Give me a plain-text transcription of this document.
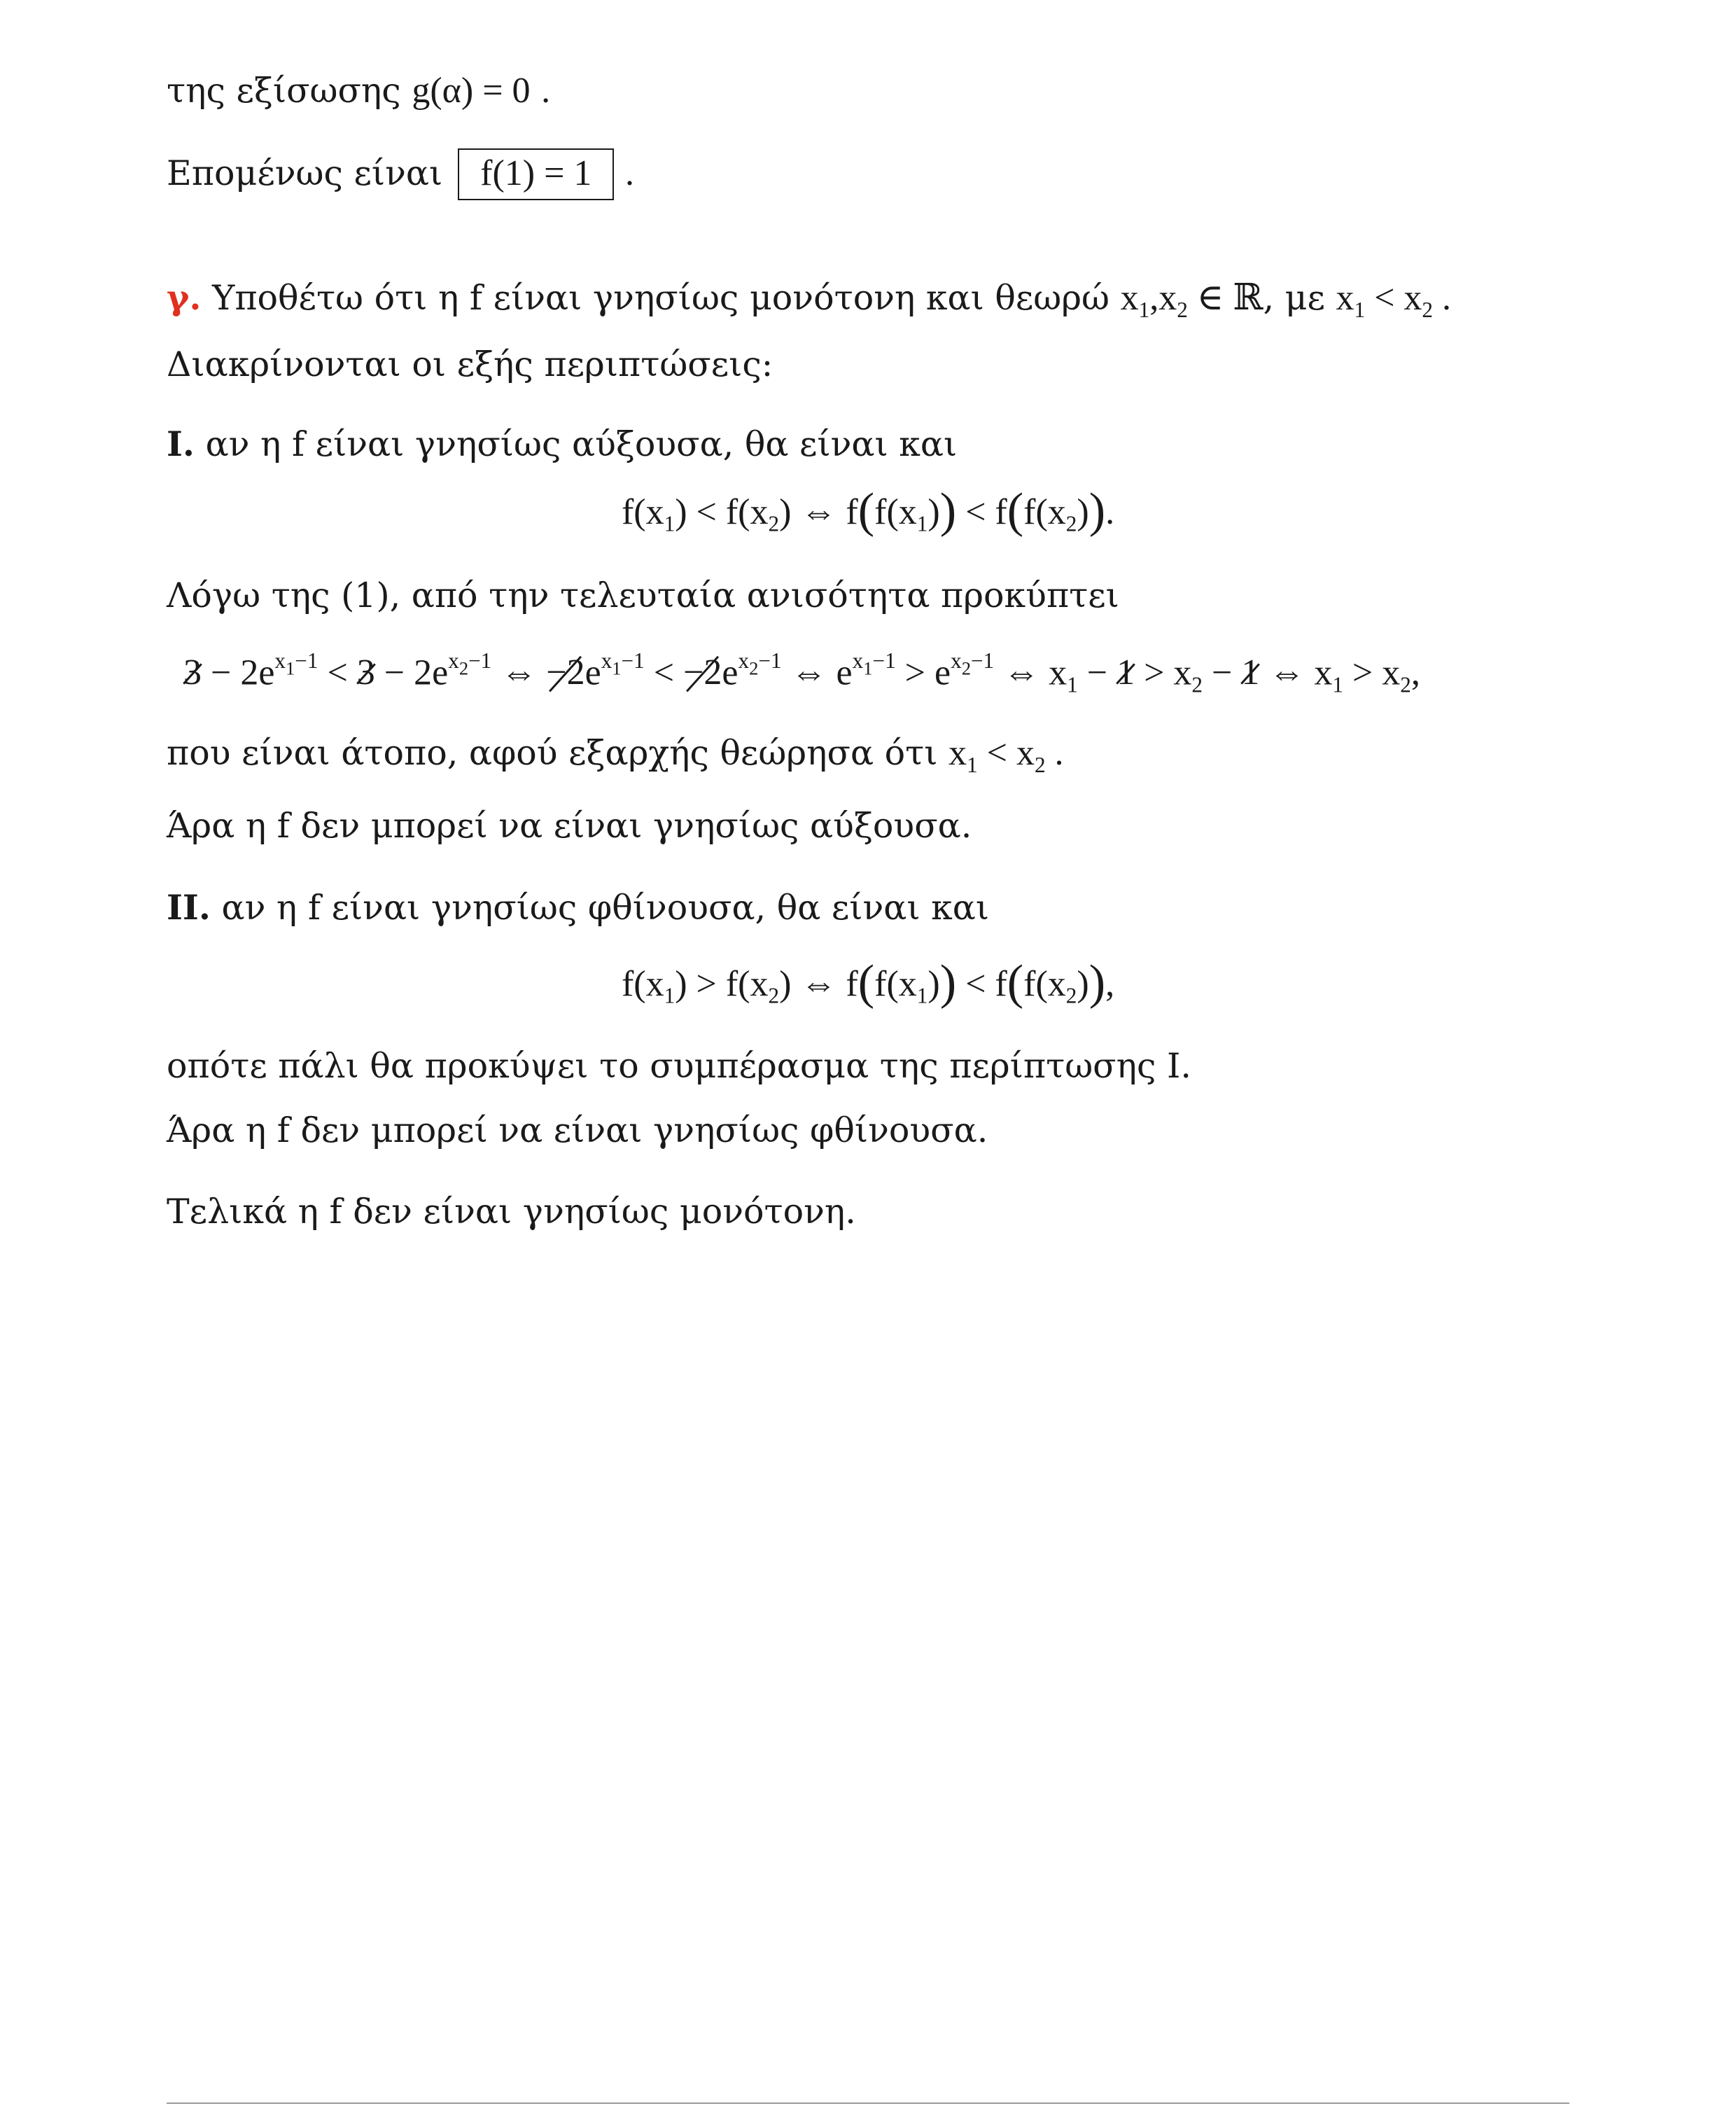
της εξίσωσης g(α) = 0 .
Επομένως είναι f(1) = 1 .
γ. Υποθέτω ότι η f είναι γνησίως μονότονη και θεωρώ $x_1,x_2$ ∈ ℝ, με $x_1 < x_2$ .
Διακρίνονται οι εξής περιπτώσεις:
I. αν η f είναι γνησίως αύξουσα, θα είναι και
$f(x_1) < f(x_2)$ ⇔ $f(f(x_1)) < f(f(x_2))$.
Λόγω της (1), από την τελευταία ανισότητα προκύπτει
$3 - 2e^{x_1-1} < 3 - 2e^{x_2-1}$ ⇔ $-2e^{x_1-1} < -2e^{x_2-1}$ ⇔ $e^{x_1-1} > e^{x_2-1}$ ⇔ $x_1 - 1 > x_2 - 1$ ⇔ $x_1 > x_2$,
που είναι άτοπο, αφού εξαρχής θεώρησα ότι $x_1 < x_2$ .
Άρα η f δεν μπορεί να είναι γνησίως αύξουσα.
II. αν η f είναι γνησίως φθίνουσα, θα είναι και
$f(x_1) > f(x_2)$ ⇔ $f(f(x_1)) < f(f(x_2))$,
οπότε πάλι θα προκύψει το συμπέρασμα της περίπτωσης I.
Άρα η f δεν μπορεί να είναι γνησίως φθίνουσα.
Τελικά η f δεν είναι γνησίως μονότονη.
